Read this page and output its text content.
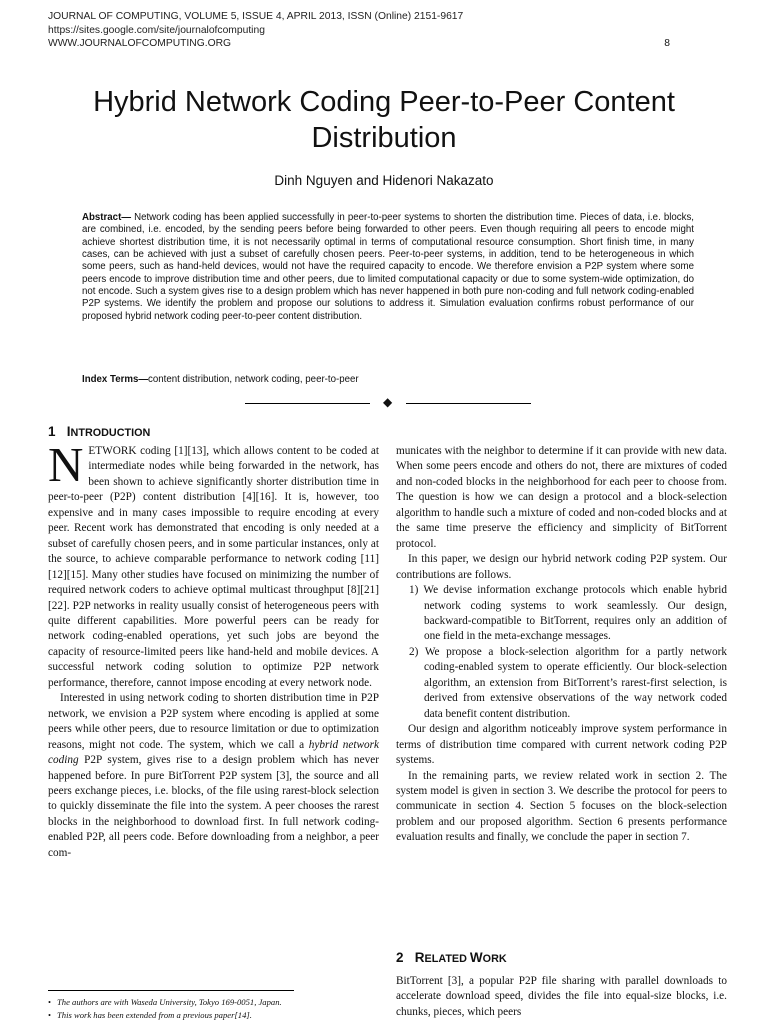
JOURNAL OF COMPUTING, VOLUME 5, ISSUE 4, APRIL 2013, ISSN (Online) 2151-9617
https://sites.google.com/site/journalofcomputing
WWW.JOURNALOFCOMPUTING.ORG	8
Hybrid Network Coding Peer-to-Peer Content
Distribution
Dinh Nguyen and Hidenori Nakazato
Abstract— Network coding has been applied successfully in peer-to-peer systems to shorten the distribution time. Pieces of data, i.e. blocks, are combined, i.e. encoded, by the sending peers before being forwarded to other peers. Even though requiring all peers to encode might achieve shortest distribution time, it is not necessarily optimal in terms of computational resource consumption. Short finish time, in many cases, can be achieved with just a subset of carefully chosen peers. Peer-to-peer systems, in addition, tend to be heterogeneous in which some peers, such as hand-held devices, would not have the required capacity to encode. We therefore envision a P2P system where some peers encode to improve distribution time and other peers, due to limited computational capacity or due to some system-wide optimization, do not encode. Such a system gives rise to a design problem which has never happened in both pure non-coding and full network coding-enabled P2P systems. We identify the problem and propose our solutions to address it. Simulation evaluation confirms robust performance of our proposed hybrid network coding peer-to-peer content distribution.
Index Terms—content distribution, network coding, peer-to-peer
◆
1 INTRODUCTION

NETWORK coding [1][13], which allows content to be coded at intermediate nodes while being forwarded in the network, has been shown to achieve significantly shorter distribution time in peer-to-peer (P2P) content distribution [4][16]. It is, however, too expensive and in many cases impossible to require encoding at every peer. Recent work has demonstrated that encoding is only needed at a subset of carefully chosen peers, and in some particular instances, only at the source, to achieve comparable performance to network coding [11][12][15]. Many other studies have focused on minimizing the number of required network coders to achieve optimal multicast throughput [8][21][22]. P2P networks in reality usually consist of heterogeneous peers with quite different capabilities. More powerful peers can be ready for network coding-enabled operations, yet such jobs are beyond the capacity of resource-limited peers like hand-held and mobile devices. A successful network coding solution to optimize P2P network performance, therefore, cannot impose encoding at every network node.

Interested in using network coding to shorten distribution time in P2P network, we envision a P2P system where encoding is applied at some peers while other peers, due to resource limitation or due to optimization reasons, might not code. The system, which we call a hybrid network coding P2P system, gives rise to a design problem which has never happened before. In pure BitTorrent P2P system [3], the source and all peers exchange pieces, i.e. blocks, of the file using rarest-block selection to quickly disseminate the file into the system. A peer chooses the rarest blocks in the neighborhood to download first. In full network coding-enabled P2P, all peers code. Before downloading from a neighbor, a peer com-

municates with the neighbor to determine if it can provide with new data. When some peers encode and others do not, there are mixtures of coded and non-coded blocks in the neighborhood for each peer to choose from. The question is how we can design a protocol and a block-selection algorithm to handle such a mixture of coded and non-coded blocks and at the same time preserve the efficiency and simplicity of BitTorrent protocol.

In this paper, we design our hybrid network coding P2P system. Our contributions are follows.

1) We devise information exchange protocols which enable hybrid network coding systems to work seamlessly. Our design, backward-compatible to BitTorrent, requires only an addition of one field in the meta-exchange messages.
2) We propose a block-selection algorithm for a partly network coding-enabled system to operate efficiently. Our block-selection algorithm, an extension from BitTorrent’s rarest-first selection, is derived from extensive observations of the way network coded data benefit content distribution.

Our design and algorithm noticeably improve system performance in terms of distribution time compared with current network coding P2P systems.

In the remaining parts, we review related work in section 2. The system model is given in section 3. We describe the protocol for peers to communicate in section 4. Section 5 focuses on the block-selection problem and our proposed algorithm. Section 6 presents performance evaluation results and finally, we conclude the paper in section 7.

2 RELATED WORK

BitTorrent [3], a popular P2P file sharing with parallel downloads to accelerate download speed, divides the file into equal-size blocks, i.e. chunks, pieces, which peers

• The authors are with Waseda University, Tokyo 169-0051, Japan.
• This work has been extended from a previous paper[14].
